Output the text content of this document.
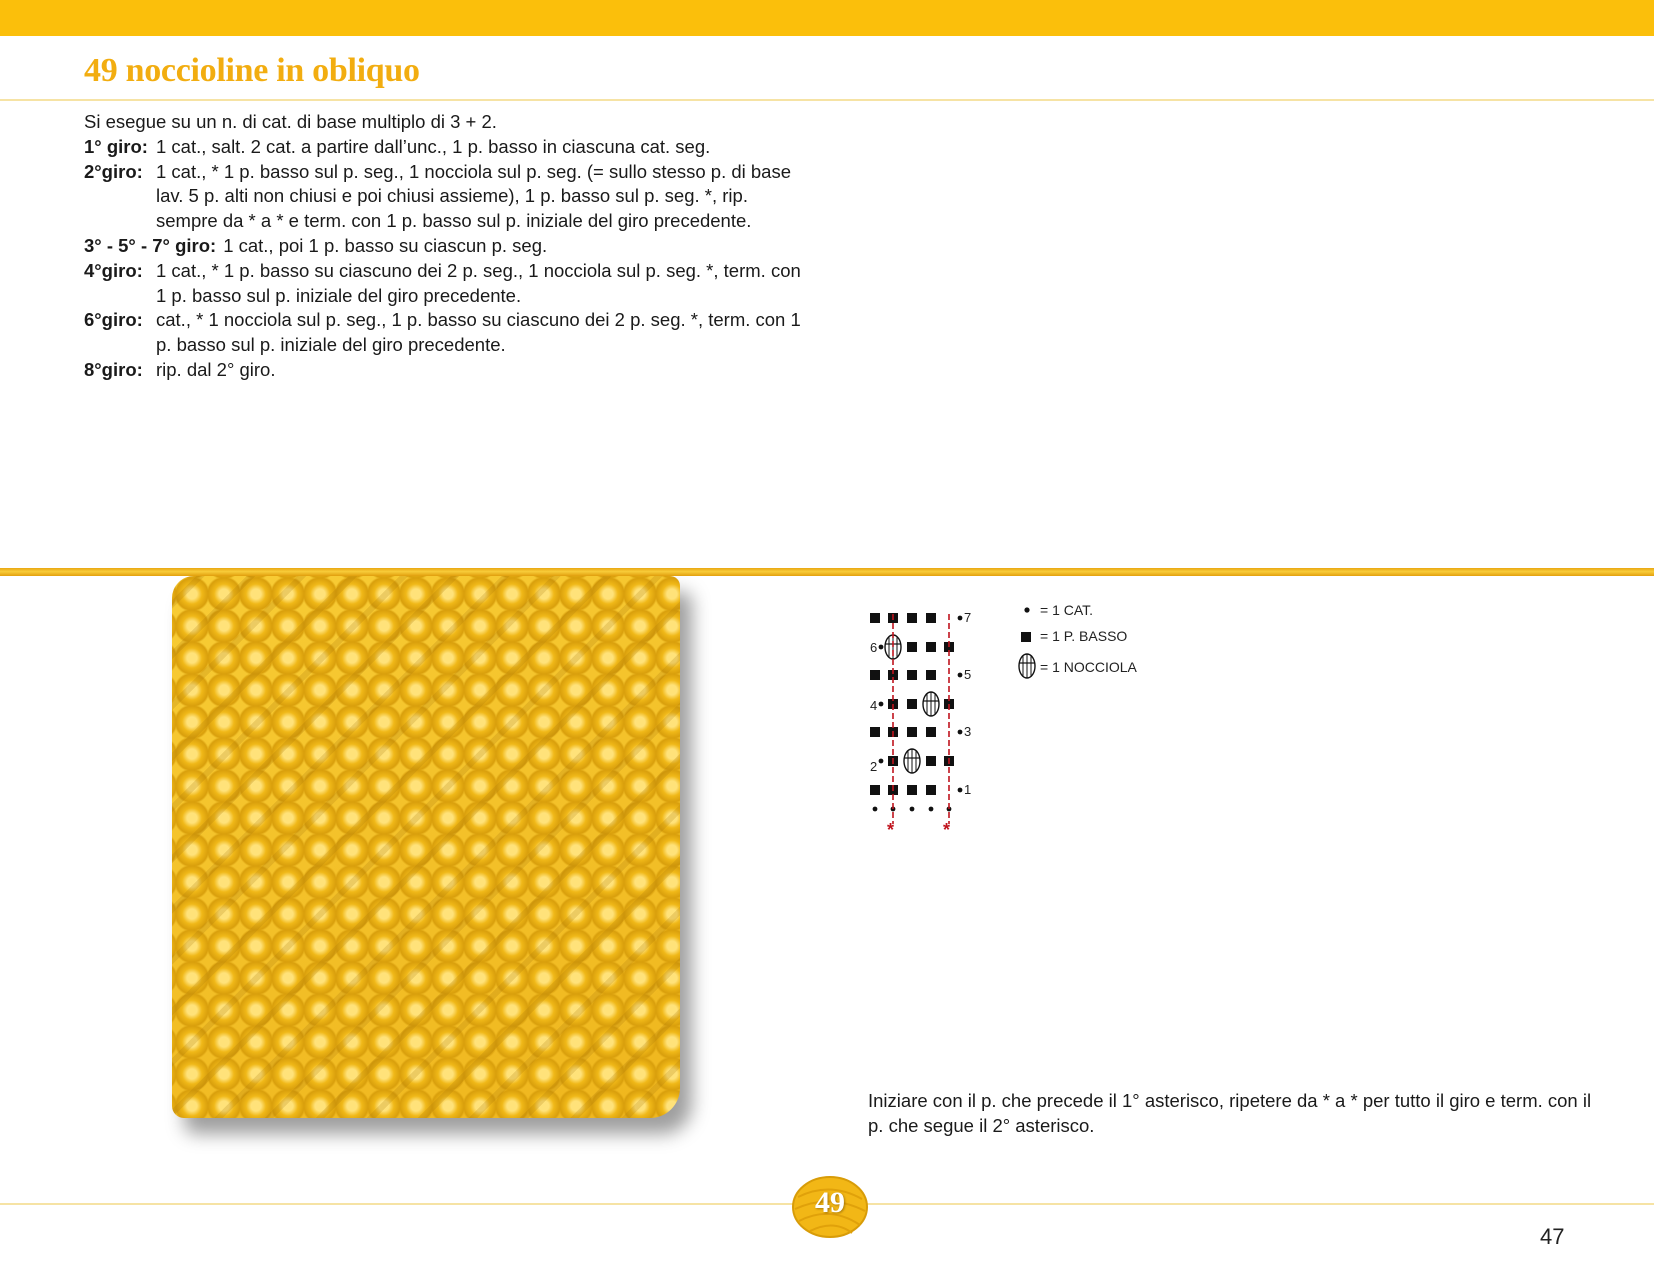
49 noccioline in obliquo

Si esegue su un n. di cat. di base multiplo di 3 + 2.

1° giro: 1 cat., salt. 2 cat. a partire dall’unc., 1 p. basso in ciascuna cat. seg.
2°giro: 1 cat., * 1 p. basso sul p. seg., 1 nocciola sul p. seg. (= sullo stesso p. di base lav. 5 p. alti non chiusi e poi chiusi assieme), 1 p. basso sul p. seg. *, rip. sempre da * a * e term. con 1 p. basso sul p. iniziale del giro precedente.
3° - 5° - 7° giro: 1 cat., poi 1 p. basso su ciascun p. seg.
4°giro: 1 cat., * 1 p. basso su ciascuno dei 2 p. seg., 1 nocciola sul p. seg. *, term. con 1 p. basso sul p. iniziale del giro precedente.
6°giro: cat., * 1 nocciola sul p. seg., 1 p. basso su ciascuno dei 2 p. seg. *, term. con 1 p. basso sul p. iniziale del giro precedente.
8°giro: rip. dal 2° giro.
6
4
2
7
5
3
1
*	*
= 1 CAT.
= 1 P. BASSO
= 1 NOCCIOLA

Iniziare con il p. che precede il 1° asterisco, ripetere da * a * per tutto il giro e term. con il p. che segue il 2° asterisco.

49
47
